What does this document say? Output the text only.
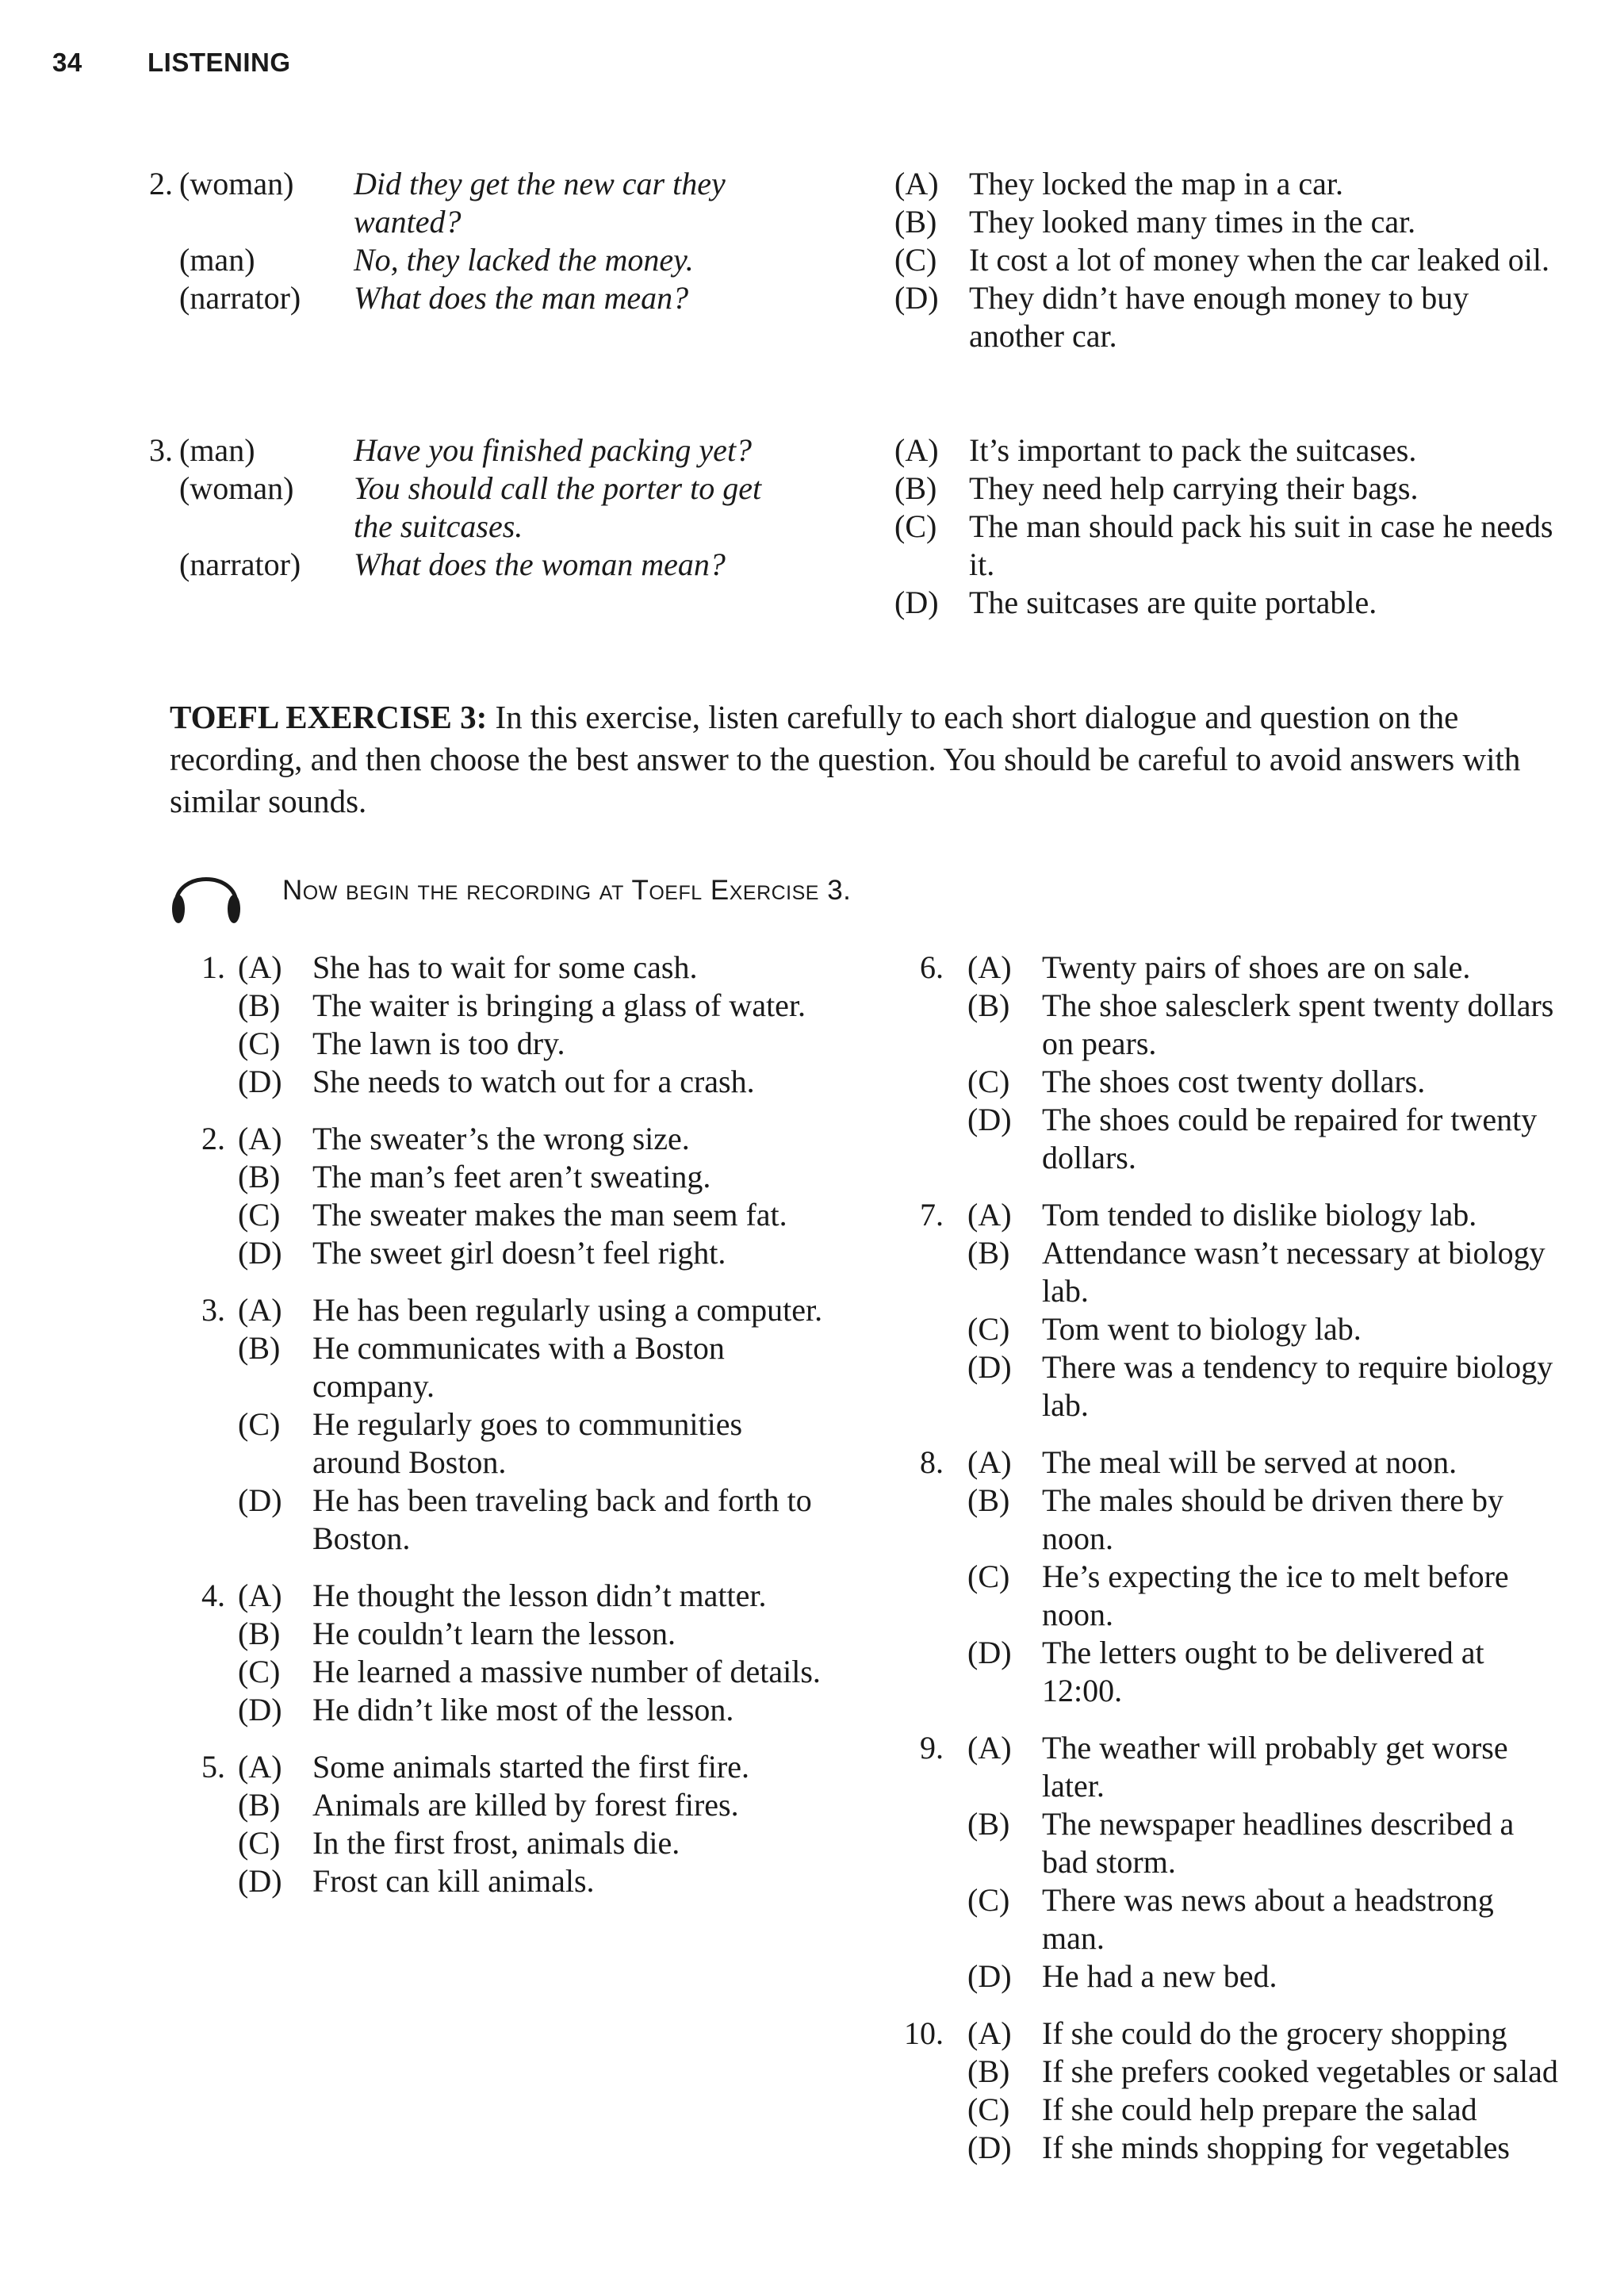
34 LISTENING
2. (woman)	Did they get the new car they wanted?
(man)	No, they lacked the money.
(narrator)	What does the man mean?
(A) They locked the map in a car.
(B)	They looked many times in the car.
(C)	It cost a lot of money when the car leaked oil.
(D) They didn’t have enough money to buy another car.
3. (man)	Have you finished packing yet?
(woman)	You should call the porter to get the suitcases.
(narrator)	What does the woman mean?
(A) It’s important to pack the suitcases.
(B)	They need help carrying their bags.
(C)	The man should pack his suit in case he needs it.
(D) The suitcases are quite portable.
TOEFL EXERCISE 3: In this exercise, listen carefully to each short dialogue and question on the recording, and then choose the best answer to the question. You should be careful to avoid answers with similar sounds.
Now begin the recording at Toefl Exercise 3.
1. (A) She has to wait for some cash.
(B)	The waiter is bringing a glass of water.
(C)	The lawn is too dry.
(D) She needs to watch out for a crash.
2. (A) The sweater’s the wrong size.
(B)	The man’s feet aren’t sweating.
(C)	The sweater makes the man seem fat.
(D) The sweet girl doesn’t feel right.
3. (A) He has been regularly using a computer.
(B)	He communicates with a Boston company.
(C)	He regularly goes to communities around Boston.
(D) He has been traveling back and forth to Boston.
4. (A) He thought the lesson didn’t matter.
(B)	He couldn’t learn the lesson.
(C)	He learned a massive number of details.
(D) He didn’t like most of the lesson.
5. (A) Some animals started the first fire.
(B)	Animals are killed by forest fires.
(C)	In the first frost, animals die.
(D) Frost can kill animals.
6. (A) Twenty pairs of shoes are on sale.
(B)	The shoe salesclerk spent twenty dollars on pears.
(C)	The shoes cost twenty dollars.
(D) The shoes could be repaired for twenty dollars.
7. (A) Tom tended to dislike biology lab.
(B)	Attendance wasn’t necessary at biology lab.
(C)	Tom went to biology lab.
(D) There was a tendency to require biology lab.
8. (A) The meal will be served at noon.
(B)	The males should be driven there by noon.
(C)	He’s expecting the ice to melt before noon.
(D) The letters ought to be delivered at 12:00.
9. (A) The weather will probably get worse later.
(B)	The newspaper headlines described a bad storm.
(C)	There was news about a headstrong man.
(D) He had a new bed.
10. (A) If she could do the grocery shopping
(B)	If she prefers cooked vegetables or salad
(C)	If she could help prepare the salad
(D) If she minds shopping for vegetables
